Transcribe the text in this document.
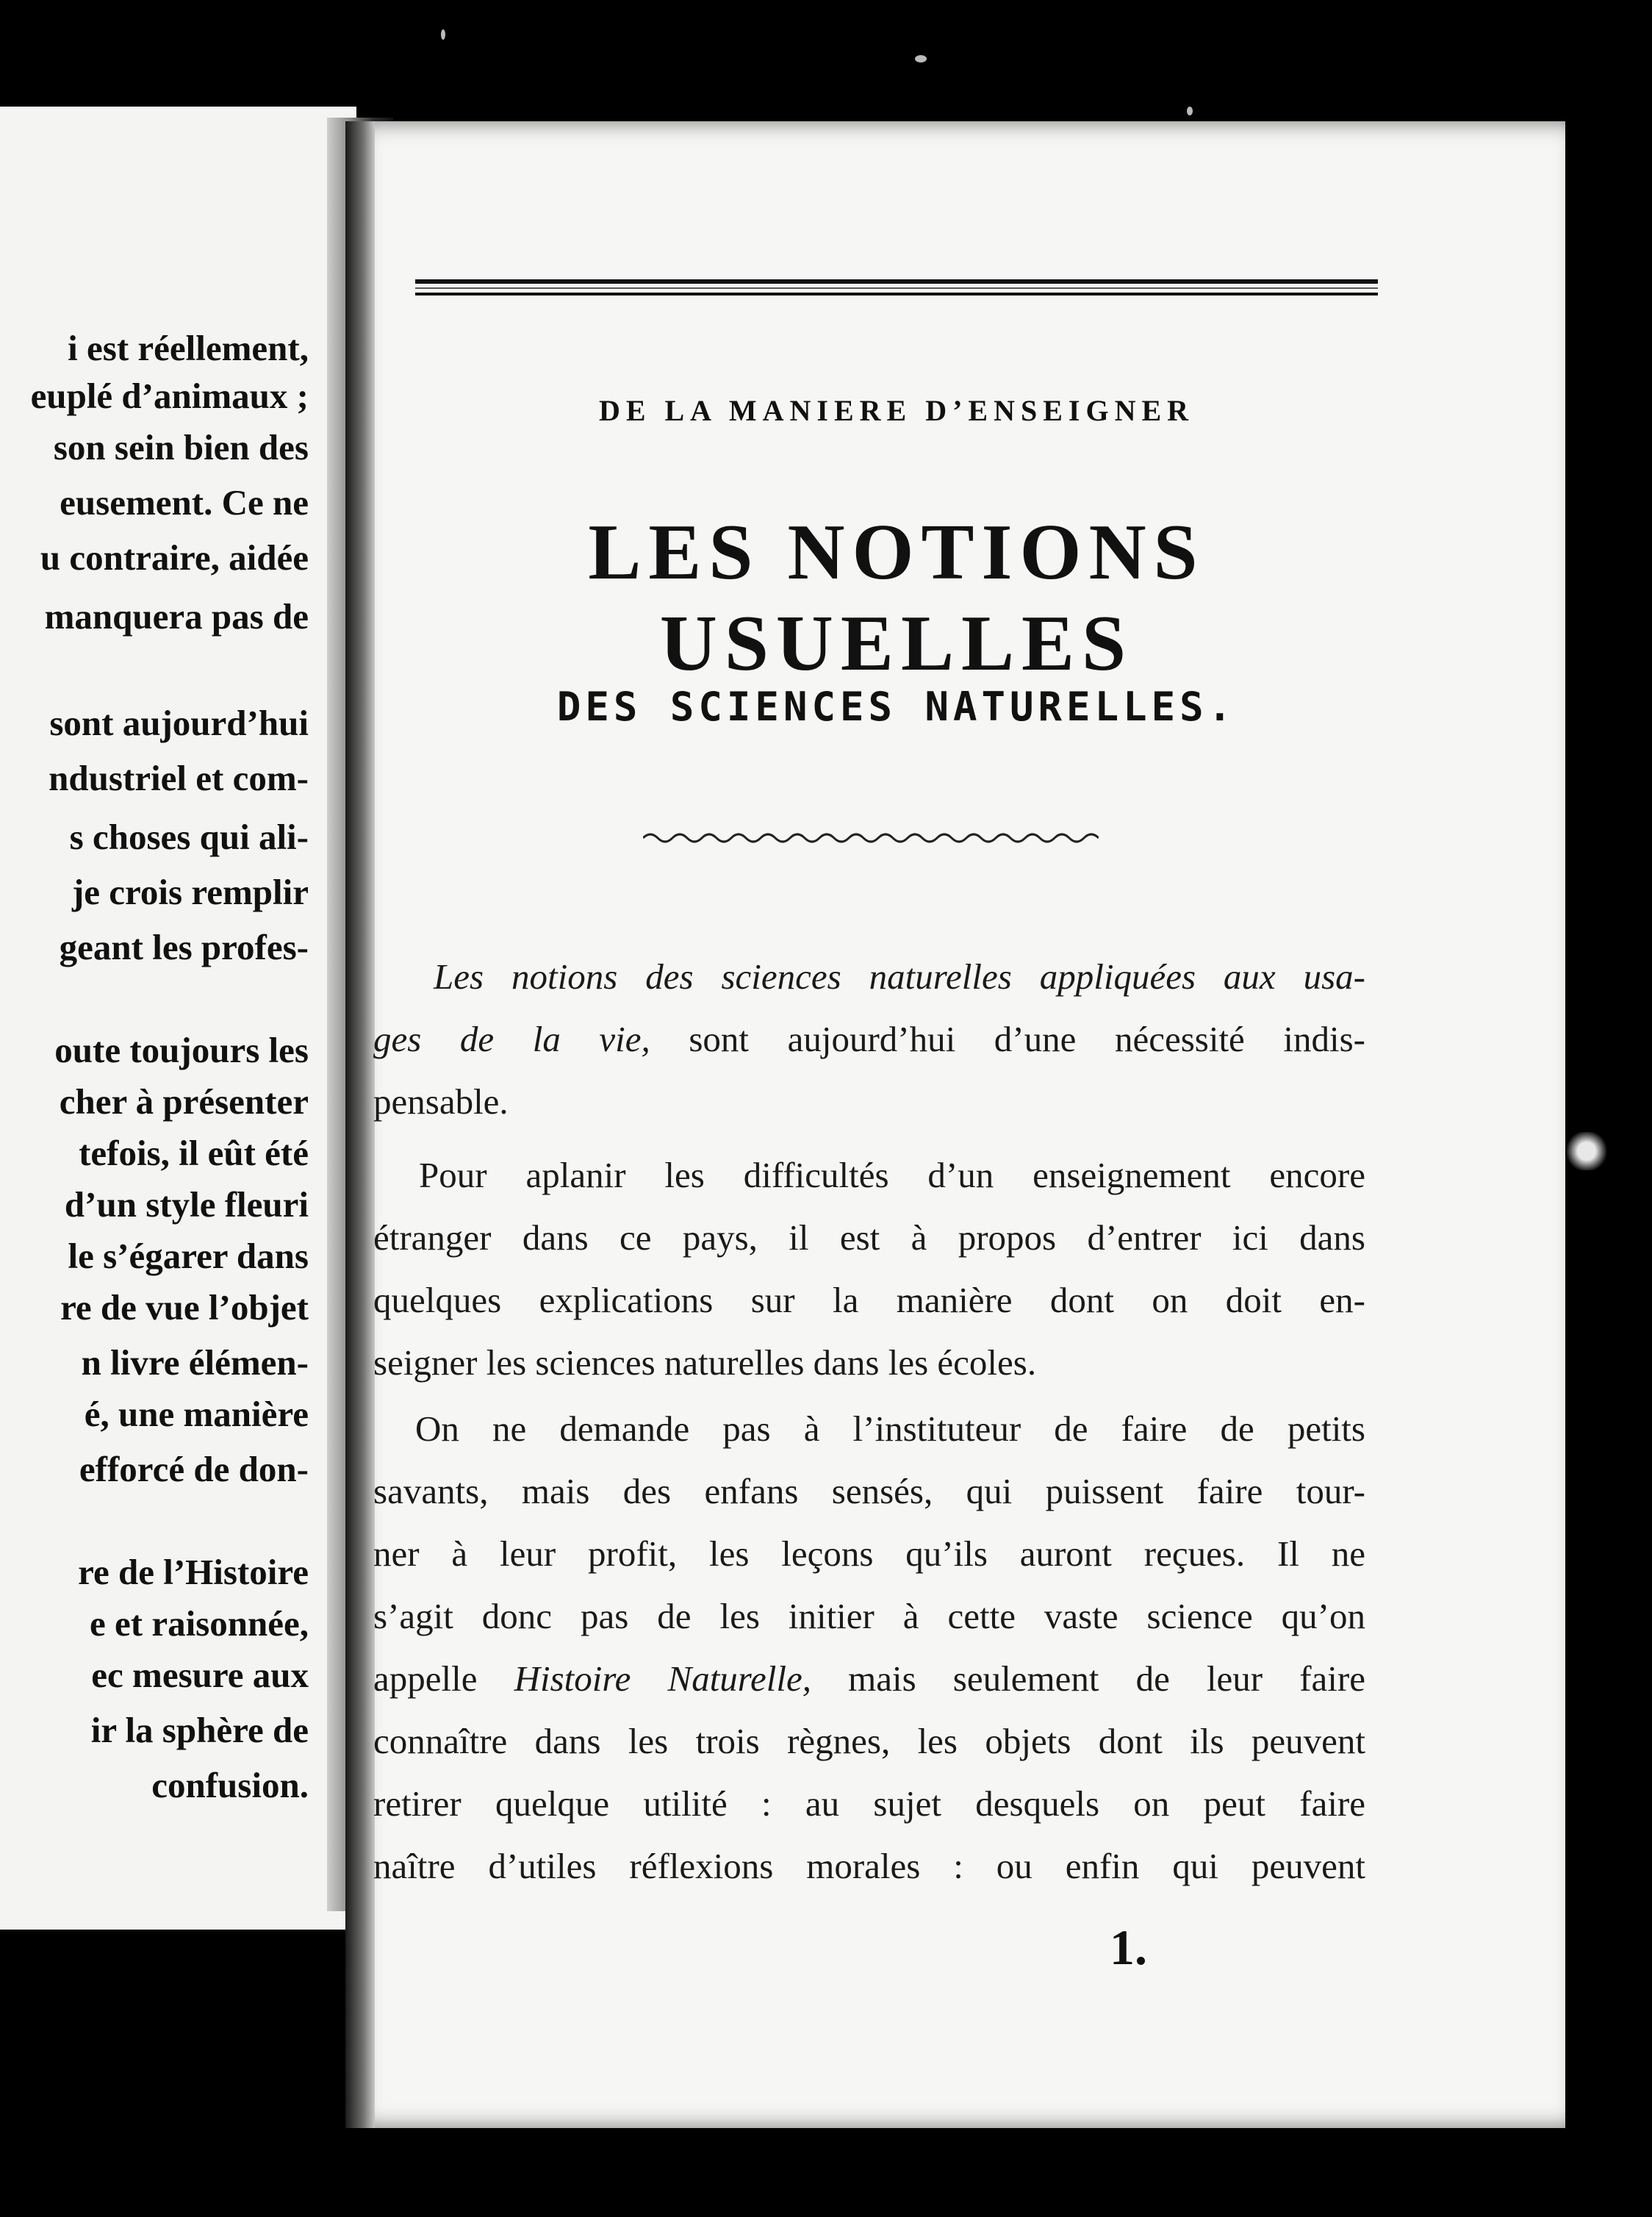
i est réellement,
euplé d’animaux ;
son sein bien des
eusement. Ce ne
u contraire, aidée
manquera pas de
sont aujourd’hui
ndustriel et com-
s choses qui ali-
je crois remplir
geant les profes-
oute toujours les
cher à présenter
tefois, il eût été
d’un style fleuri
le s’égarer dans
re de vue l’objet
n livre élémen-
é, une manière
efforcé de don-
re de l’Histoire
e et raisonnée,
ec mesure aux
ir la sphère de
confusion.
DE LA MANIERE D’ENSEIGNER
LES NOTIONS USUELLES
DES SCIENCES NATURELLES.
Les notions des sciences naturelles appliquées aux usa-
ges de la vie, sont aujourd’hui d’une nécessité indis-
pensable.
Pour aplanir les difficultés d’un enseignement encore
étranger dans ce pays, il est à propos d’entrer ici dans
quelques explications sur la manière dont on doit en-
seigner les sciences naturelles dans les écoles.
On ne demande pas à l’instituteur de faire de petits
savants, mais des enfans sensés, qui puissent faire tour-
ner à leur profit, les leçons qu’ils auront reçues. Il ne
s’agit donc pas de les initier à cette vaste science qu’on
appelle Histoire Naturelle, mais seulement de leur faire
connaître dans les trois règnes, les objets dont ils peuvent
retirer quelque utilité : au sujet desquels on peut faire
naître d’utiles réflexions morales : ou enfin qui peuvent
1.
